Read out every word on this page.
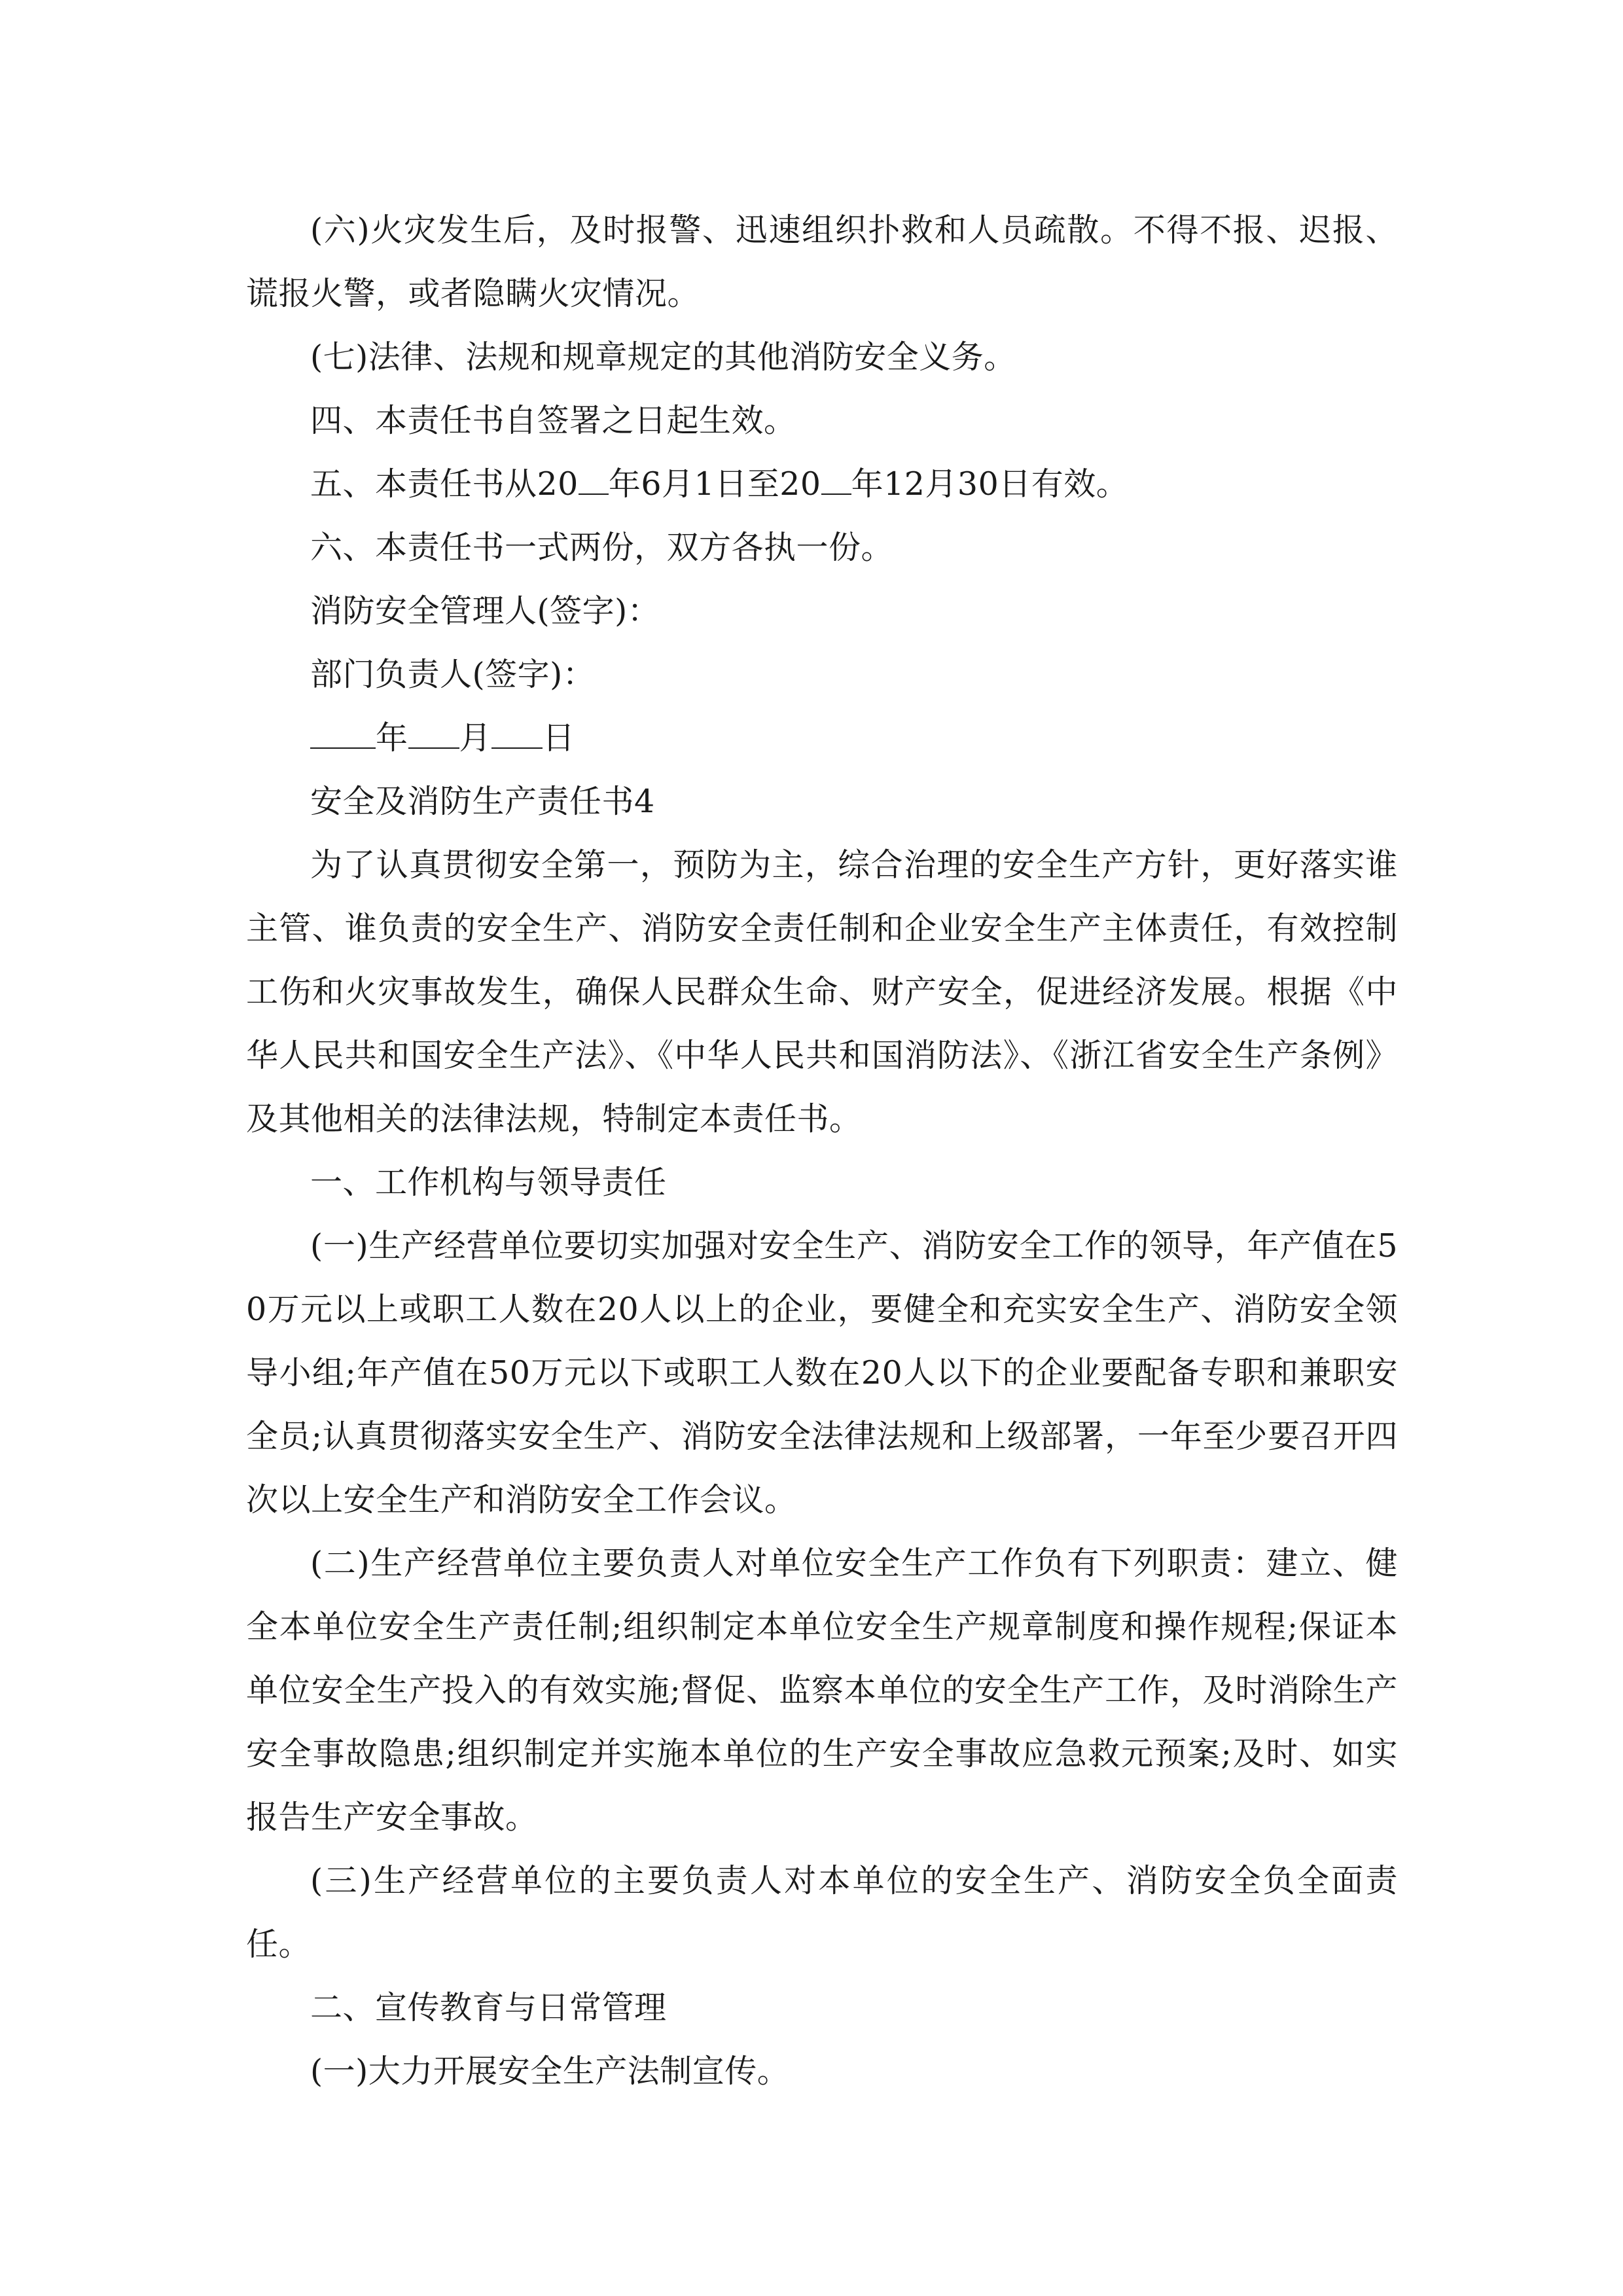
(六)火灾发生后，及时报警、迅速组织扑救和人员疏散。不得不报、迟报、谎报火警，或者隐瞒火灾情况。

(七)法律、法规和规章规定的其他消防安全义务。

四、本责任书自签署之日起生效。

五、本责任书从20 年6月1日至20 年12月30日有效。

六、本责任书一式两份，双方各执一份。

消防安全管理人(签字)：

部门负责人(签字)：

年 月 日

安全及消防生产责任书4

为了认真贯彻安全第一，预防为主，综合治理的安全生产方针，更好落实谁主管、谁负责的安全生产、消防安全责任制和企业安全生产主体责任，有效控制工伤和火灾事故发生，确保人民群众生命、财产安全，促进经济发展。根据《中华人民共和国安全生产法》、《中华人民共和国消防法》、《浙江省安全生产条例》及其他相关的法律法规，特制定本责任书。

一、工作机构与领导责任

(一)生产经营单位要切实加强对安全生产、消防安全工作的领导，年产值在50万元以上或职工人数在20人以上的企业，要健全和充实安全生产、消防安全领导小组;年产值在50万元以下或职工人数在20人以下的企业要配备专职和兼职安全员;认真贯彻落实安全生产、消防安全法律法规和上级部署，一年至少要召开四次以上安全生产和消防安全工作会议。

(二)生产经营单位主要负责人对单位安全生产工作负有下列职责：建立、健全本单位安全生产责任制;组织制定本单位安全生产规章制度和操作规程;保证本单位安全生产投入的有效实施;督促、监察本单位的安全生产工作，及时消除生产安全事故隐患;组织制定并实施本单位的生产安全事故应急救元预案;及时、如实报告生产安全事故。

(三)生产经营单位的主要负责人对本单位的安全生产、消防安全负全面责任。

二、宣传教育与日常管理

(一)大力开展安全生产法制宣传。
